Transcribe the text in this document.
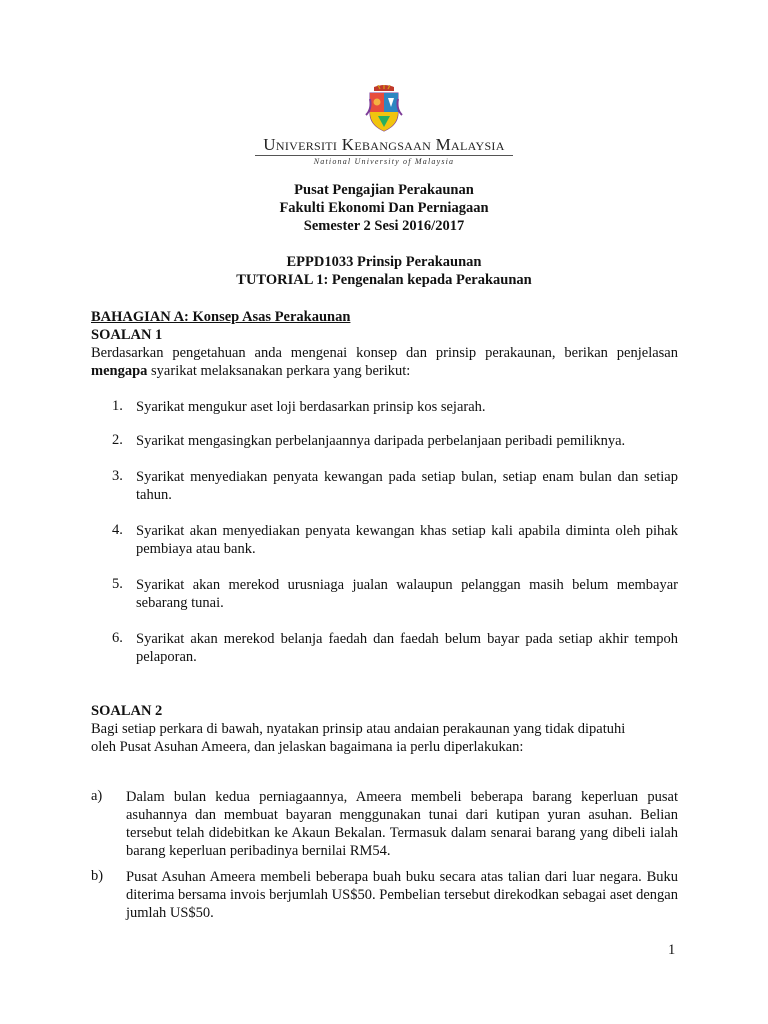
Universiti Kebangsaan Malaysia
National University of Malaysia
Pusat Pengajian Perakaunan
Fakulti Ekonomi Dan Perniagaan
Semester 2 Sesi 2016/2017
EPPD1033 Prinsip Perakaunan
TUTORIAL 1: Pengenalan kepada Perakaunan
BAHAGIAN A: Konsep Asas Perakaunan
SOALAN 1
Berdasarkan pengetahuan anda mengenai konsep dan prinsip perakaunan, berikan penjelasan mengapa syarikat melaksanakan perkara yang berikut:
1. Syarikat mengukur aset loji berdasarkan prinsip kos sejarah.
2. Syarikat mengasingkan perbelanjaannya daripada perbelanjaan peribadi pemiliknya.
3. Syarikat menyediakan penyata kewangan pada setiap bulan, setiap enam bulan dan setiap tahun.
4. Syarikat akan menyediakan penyata kewangan khas setiap kali apabila diminta oleh pihak pembiaya atau bank.
5. Syarikat akan merekod urusniaga jualan walaupun pelanggan masih belum membayar sebarang tunai.
6. Syarikat akan merekod belanja faedah dan faedah belum bayar pada setiap akhir tempoh pelaporan.
SOALAN 2
Bagi setiap perkara di bawah, nyatakan prinsip atau andaian perakaunan yang tidak dipatuhi oleh Pusat Asuhan Ameera, dan jelaskan bagaimana ia perlu diperlakukan:
a) Dalam bulan kedua perniagaannya, Ameera membeli beberapa barang keperluan pusat asuhannya dan membuat bayaran menggunakan tunai dari kutipan yuran asuhan. Belian tersebut telah didebitkan ke Akaun Bekalan. Termasuk dalam senarai barang yang dibeli ialah barang keperluan peribadinya bernilai RM54.
b) Pusat Asuhan Ameera membeli beberapa buah buku secara atas talian dari luar negara. Buku diterima bersama invois berjumlah US$50. Pembelian tersebut direkodkan sebagai aset dengan jumlah US$50.
1
